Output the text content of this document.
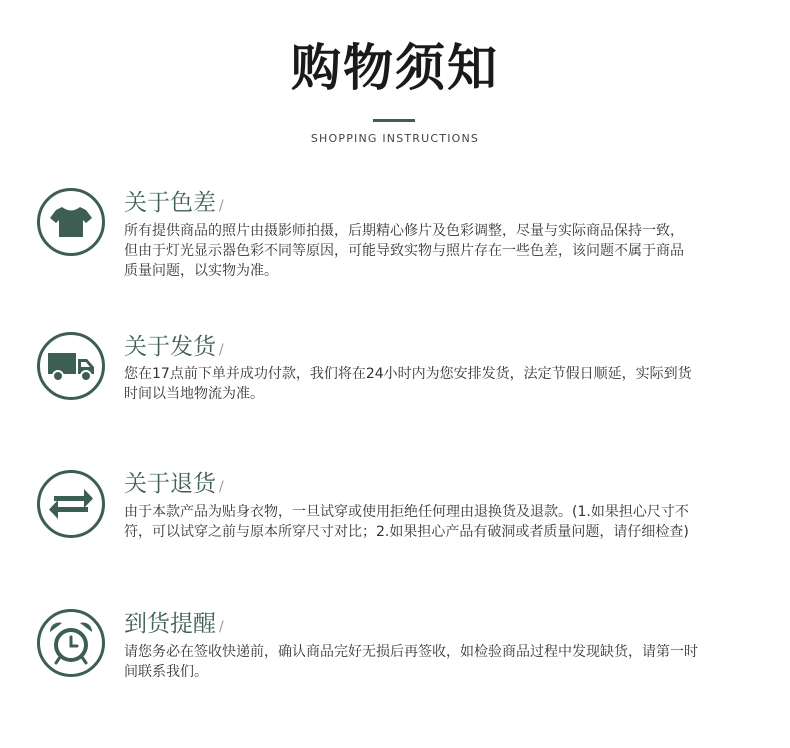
购物须知
SHOPPING INSTRUCTIONS
关于色差 /
所有提供商品的照片由摄影师拍摄，后期精心修片及色彩调整，尽量与实际商品保持一致，
但由于灯光显示器色彩不同等原因，可能导致实物与照片存在一些色差，该问题不属于商品
质量问题，以实物为准。
关于发货 /
您在17点前下单并成功付款，我们将在24小时内为您安排发货，法定节假日顺延，实际到货
时间以当地物流为准。
关于退货 /
由于本款产品为贴身衣物，一旦试穿或使用拒绝任何理由退换货及退款。(1.如果担心尺寸不
符，可以试穿之前与原本所穿尺寸对比；2.如果担心产品有破洞或者质量问题，请仔细检查)
到货提醒 /
请您务必在签收快递前，确认商品完好无损后再签收，如检验商品过程中发现缺货，请第一时
间联系我们。
